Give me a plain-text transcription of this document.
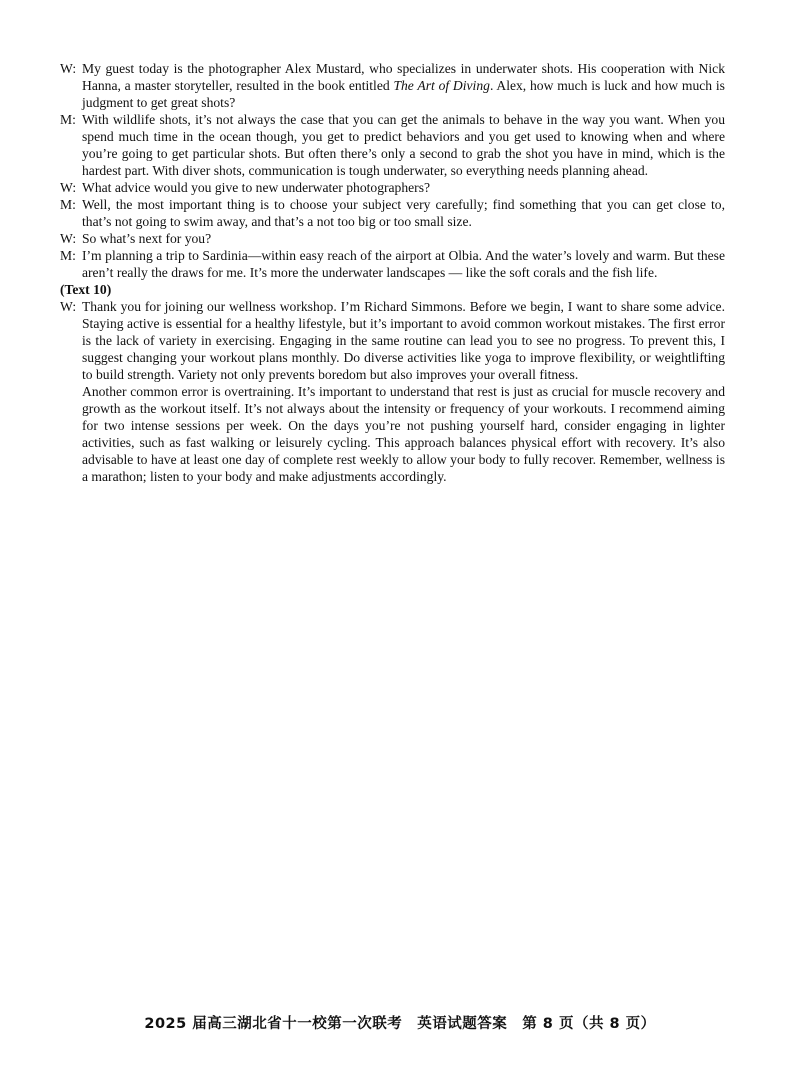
W: My guest today is the photographer Alex Mustard, who specializes in underwater shots. His cooperation with Nick Hanna, a master storyteller, resulted in the book entitled The Art of Diving. Alex, how much is luck and how much is judgment to get great shots?
M: With wildlife shots, it’s not always the case that you can get the animals to behave in the way you want. When you spend much time in the ocean though, you get to predict behaviors and you get used to knowing when and where you’re going to get particular shots. But often there’s only a second to grab the shot you have in mind, which is the hardest part. With diver shots, communication is tough underwater, so everything needs planning ahead.
W: What advice would you give to new underwater photographers?
M: Well, the most important thing is to choose your subject very carefully; find something that you can get close to, that’s not going to swim away, and that’s a not too big or too small size.
W: So what’s next for you?
M: I’m planning a trip to Sardinia—within easy reach of the airport at Olbia. And the water’s lovely and warm. But these aren’t really the draws for me. It’s more the underwater landscapes — like the soft corals and the fish life.
(Text 10)
W: Thank you for joining our wellness workshop. I’m Richard Simmons. Before we begin, I want to share some advice. Staying active is essential for a healthy lifestyle, but it’s important to avoid common workout mistakes. The first error is the lack of variety in exercising. Engaging in the same routine can lead you to see no progress. To prevent this, I suggest changing your workout plans monthly. Do diverse activities like yoga to improve flexibility, or weightlifting to build strength. Variety not only prevents boredom but also improves your overall fitness.
Another common error is overtraining. It’s important to understand that rest is just as crucial for muscle recovery and growth as the workout itself. It’s not always about the intensity or frequency of your workouts. I recommend aiming for two intense sessions per week. On the days you’re not pushing yourself hard, consider engaging in lighter activities, such as fast walking or leisurely cycling. This approach balances physical effort with recovery. It’s also advisable to have at least one day of complete rest weekly to allow your body to fully recover. Remember, wellness is a marathon; listen to your body and make adjustments accordingly.
2025 届高三湖北省十一校第一次联考　英语试题答案　第 8 页（共 8 页）
